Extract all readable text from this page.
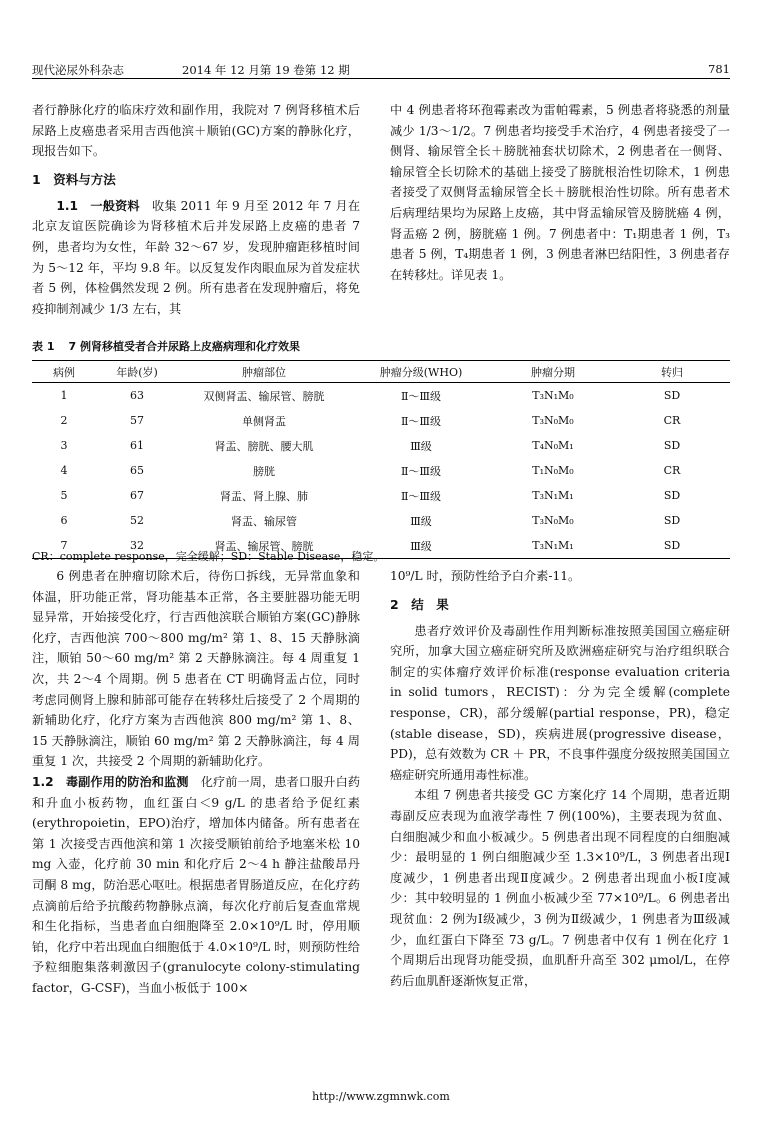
现代泌尿外科杂志	2014 年 12 月第 19 卷第 12 期	781

者行静脉化疗的临床疗效和副作用，我院对 7 例肾移植术后尿路上皮癌患者采用吉西他滨＋顺铂(GC)方案的静脉化疗，现报告如下。

1　资料与方法

1.1　一般资料　 收集 2011 年 9 月至 2012 年 7 月在北京友谊医院确诊为肾移植术后并发尿路上皮癌的患者 7 例，患者均为女性，年龄 32～67 岁，发现肿瘤距移植时间为 5～12 年，平均 9.8 年。以反复发作肉眼血尿为首发症状者 5 例，体检偶然发现 2 例。所有患者在发现肿瘤后，将免疫抑制剂减少 1/3 左右，其

中 4 例患者将环孢霉素改为雷帕霉素，5 例患者将骁悉的剂量减少 1/3～1/2。7 例患者均接受手术治疗，4 例患者接受了一侧肾、输尿管全长＋膀胱袖套状切除术，2 例患者在一侧肾、输尿管全长切除术的基础上接受了膀胱根治性切除术，1 例患者接受了双侧肾盂输尿管全长＋膀胱根治性切除。所有患者术后病理结果均为尿路上皮癌，其中肾盂输尿管及膀胱癌 4 例，肾盂癌 2 例，膀胱癌 1 例。7 例患者中：T₁期患者 1 例，T₃患者 5 例，T₄期患者 1 例，3 例患者淋巴结阳性，3 例患者存在转移灶。详见表 1。

表 1 7 例肾移植受者合并尿路上皮癌病理和化疗效果
病例	年龄(岁)	肿瘤部位	肿瘤分级(WHO)	肿瘤分期	转归
1	63	双侧肾盂、输尿管、膀胱	Ⅱ～Ⅲ级	T₃N₁M₀	SD
2	57	单侧肾盂	Ⅱ～Ⅲ级	T₃N₀M₀	CR
3	61	肾盂、膀胱、腰大肌	Ⅲ级	T₄N₀M₁	SD
4	65	膀胱	Ⅱ～Ⅲ级	T₁N₀M₀	CR
5	67	肾盂、肾上腺、肺	Ⅱ～Ⅲ级	T₃N₁M₁	SD
6	52	肾盂、输尿管	Ⅲ级	T₃N₀M₀	SD
7	32	肾盂、输尿管、膀胱	Ⅲ级	T₃N₁M₁	SD
CR：complete response，完全缓解；SD：Stable Disease，稳定。

6 例患者在肿瘤切除术后，待伤口拆线，无异常血象和体温，肝功能正常，肾功能基本正常，各主要脏器功能无明显异常，开始接受化疗，行吉西他滨联合顺铂方案(GC)静脉化疗，吉西他滨 700～800 mg/m² 第 1、8、15 天静脉滴注，顺铂 50～60 mg/m² 第 2 天静脉滴注。每 4 周重复 1 次，共 2～4 个周期。例 5 患者在 CT 明确肾盂占位，同时考虑同侧肾上腺和肺部可能存在转移灶后接受了 2 个周期的新辅助化疗，化疗方案为吉西他滨 800 mg/m² 第 1、8、15 天静脉滴注，顺铂 60 mg/m² 第 2 天静脉滴注，每 4 周重复 1 次，共接受 2 个周期的新辅助化疗。

1.2　毒副作用的防治和监测　 化疗前一周，患者口服升白药和升血小板药物，血红蛋白＜9 g/L 的患者给予促红素(erythropoietin，EPO)治疗，增加体内储备。所有患者在第 1 次接受吉西他滨和第 1 次接受顺铂前给予地塞米松 10 mg 入壶，化疗前 30 min 和化疗后 2～4 h 静注盐酸昂丹司酮 8 mg，防治恶心呕吐。根据患者胃肠道反应，在化疗药点滴前后给予抗酸药物静脉点滴，每次化疗前后复查血常规和生化指标，当患者血白细胞降至 2.0×10⁹/L 时，停用顺铂，化疗中若出现血白细胞低于 4.0×10⁹/L 时，则预防性给予粒细胞集落刺激因子(granulocyte colony-stimulating factor，G-CSF)，当血小板低于 100×

10⁹/L 时，预防性给予白介素-11。

2　结　果

患者疗效评价及毒副性作用判断标准按照美国国立癌症研究所，加拿大国立癌症研究所及欧洲癌症研究与治疗组织联合制定的实体瘤疗效评价标准(response evaluation criteria in solid tumors，RECIST)：分为完全缓解(complete response，CR)，部分缓解(partial response，PR)，稳定(stable disease，SD)，疾病进展(progressive disease，PD)，总有效数为 CR ＋ PR，不良事件强度分级按照美国国立癌症研究所通用毒性标准。

本组 7 例患者共接受 GC 方案化疗 14 个周期，患者近期毒副反应表现为血液学毒性 7 例(100%)，主要表现为贫血、白细胞减少和血小板减少。5 例患者出现不同程度的白细胞减少：最明显的 1 例白细胞减少至 1.3×10⁹/L，3 例患者出现Ⅰ度减少，1 例患者出现Ⅱ度减少。2 例患者出现血小板Ⅰ度减少：其中较明显的 1 例血小板减少至 77×10⁹/L。6 例患者出现贫血：2 例为Ⅰ级减少，3 例为Ⅱ级减少，1 例患者为Ⅲ级减少，血红蛋白下降至 73 g/L。7 例患者中仅有 1 例在化疗 1 个周期后出现肾功能受损，血肌酐升高至 302 μmol/L，在停药后血肌酐逐渐恢复正常，

http://www.zgmnwk.com
